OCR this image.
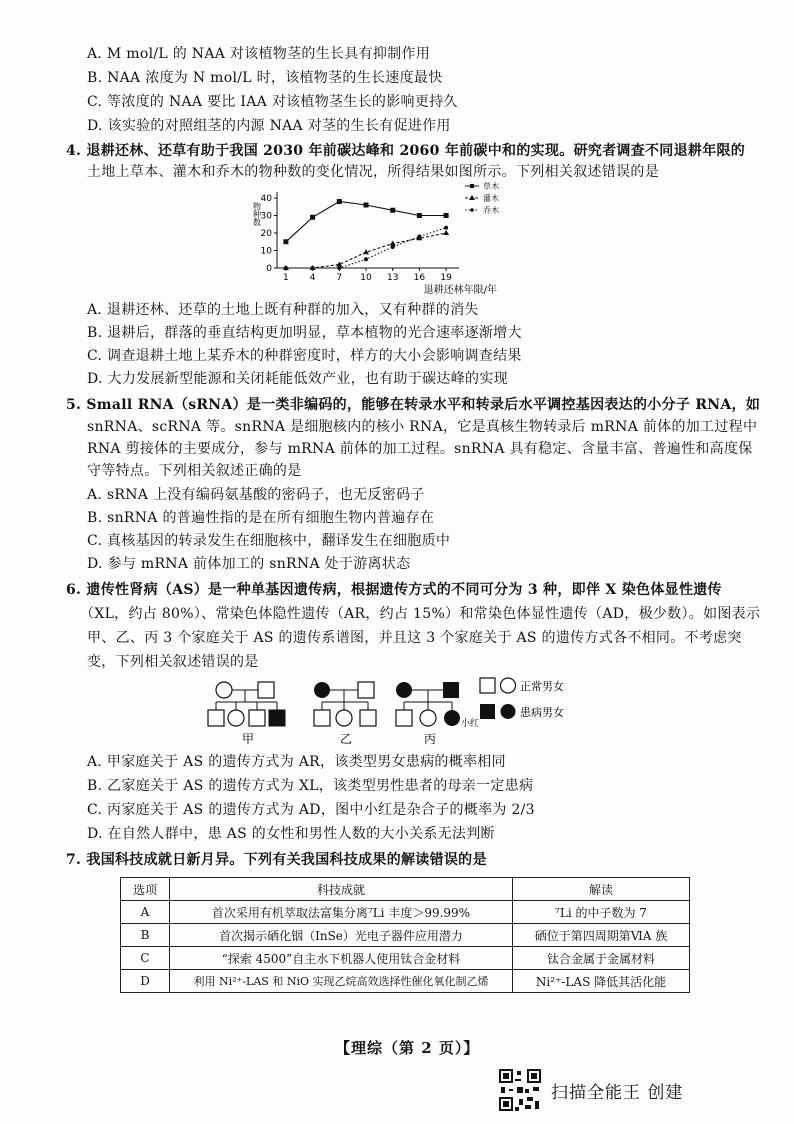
A. M mol/L 的 NAA 对该植物茎的生长具有抑制作用
B. NAA 浓度为 N mol/L 时，该植物茎的生长速度最快
C. 等浓度的 NAA 要比 IAA 对该植物茎生长的影响更持久
D. 该实验的对照组茎的内源 NAA 对茎的生长有促进作用
4. 退耕还林、还草有助于我国 2030 年前碳达峰和 2060 年前碳中和的实现。研究者调查不同退耕年限的
土地上草本、灌木和乔木的物种数的变化情况，所得结果如图所示。下列相关叙述错误的是
0
10
20
30
40
1 4 7 10 13 16 19
物种数
退耕还林年限/年
草木
灌木
乔木
A. 退耕还林、还草的土地上既有种群的加入，又有种群的消失
B. 退耕后，群落的垂直结构更加明显，草本植物的光合速率逐渐增大
C. 调查退耕土地上某乔木的种群密度时，样方的大小会影响调查结果
D. 大力发展新型能源和关闭耗能低效产业，也有助于碳达峰的实现
5. Small RNA（sRNA）是一类非编码的，能够在转录水平和转录后水平调控基因表达的小分子 RNA，如
snRNA、scRNA 等。snRNA 是细胞核内的核小 RNA，它是真核生物转录后 mRNA 前体的加工过程中
RNA 剪接体的主要成分，参与 mRNA 前体的加工过程。snRNA 具有稳定、含量丰富、普遍性和高度保
守等特点。下列相关叙述正确的是
A. sRNA 上没有编码氨基酸的密码子，也无反密码子
B. snRNA 的普遍性指的是在所有细胞生物内普遍存在
C. 真核基因的转录发生在细胞核中，翻译发生在细胞质中
D. 参与 mRNA 前体加工的 snRNA 处于游离状态
6. 遗传性肾病（AS）是一种单基因遗传病，根据遗传方式的不同可分为 3 种，即伴 X 染色体显性遗传
（XL，约占 80%）、常染色体隐性遗传（AR，约占 15%）和常染色体显性遗传（AD，极少数）。如图表示
甲、乙、丙 3 个家庭关于 AS 的遗传系谱图，并且这 3 个家庭关于 AS 的遗传方式各不相同。不考虑突
变，下列相关叙述错误的是
甲	乙
小红
丙
正常男女
患病男女
A. 甲家庭关于 AS 的遗传方式为 AR，该类型男女患病的概率相同
B. 乙家庭关于 AS 的遗传方式为 XL，该类型男性患者的母亲一定患病
C. 丙家庭关于 AS 的遗传方式为 AD，图中小红是杂合子的概率为 2/3
D. 在自然人群中，患 AS 的女性和男性人数的大小关系无法判断
7. 我国科技成就日新月异。下列有关我国科技成果的解读错误的是
选项	科技成就	解读
A	首次采用有机萃取法富集分离⁷Li 丰度＞99.99%	⁷Li 的中子数为 7
B	首次揭示硒化铟（InSe）光电子器件应用潜力	硒位于第四周期第ⅥA 族
C	“探索 4500”自主水下机器人使用钛合金材料	钛合金属于金属材料
D	利用 Ni²⁺-LAS 和 NiO 实现乙烷高效选择性催化氧化制乙烯	Ni²⁺-LAS 降低其活化能
【理综（第 2 页）】
扫描全能王 创建
